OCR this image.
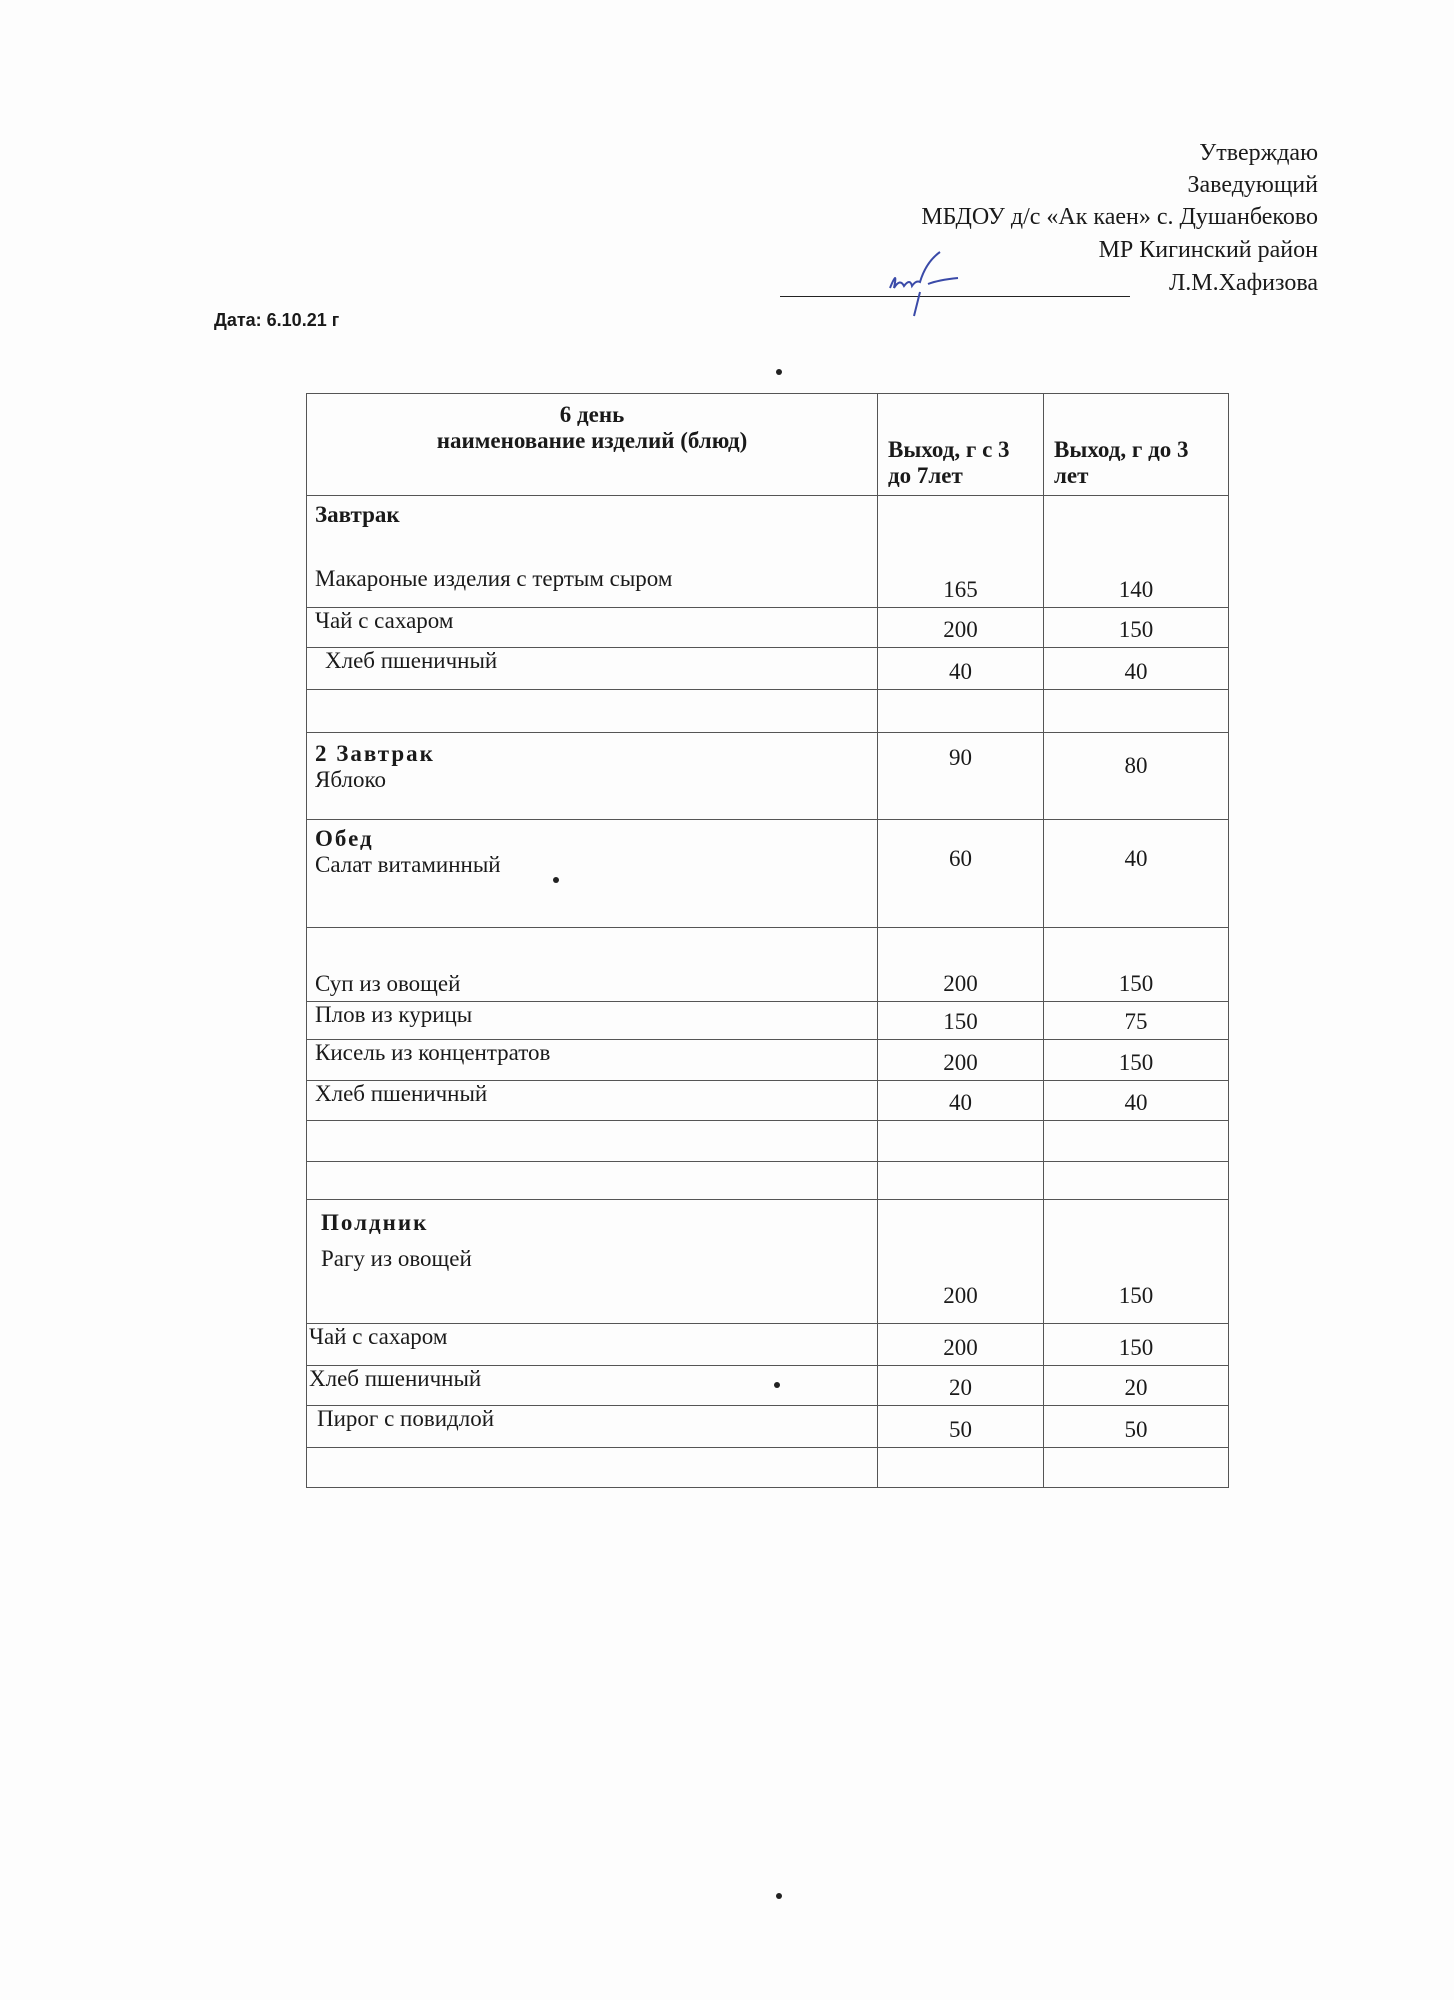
Утверждаю
Заведующий
МБДОУ д/с «Ак каен» с. Душанбеково
МР Кигинский район
Л.М.Хафизова
Дата: 6.10.21 г
6 день
наименование изделий (блюд)	Выход, г с 3 до 7лет	Выход, г до 3 лет

Завтрак
Макароные изделия с тертым сыром	165	140
Чай с сахаром	200	150
Хлеб пшеничный	40	40

2 Завтрак
Яблоко	90	80

Обед
Салат витаминный	60	40
Суп из овощей	200	150
Плов из курицы	150	75
Кисель из концентратов	200	150
Хлеб пшеничный	40	40

Полдник
Рагу из овощей	200	150
Чай с сахаром	200	150
Хлеб пшеничный	20	20
Пирог с повидлой	50	50
